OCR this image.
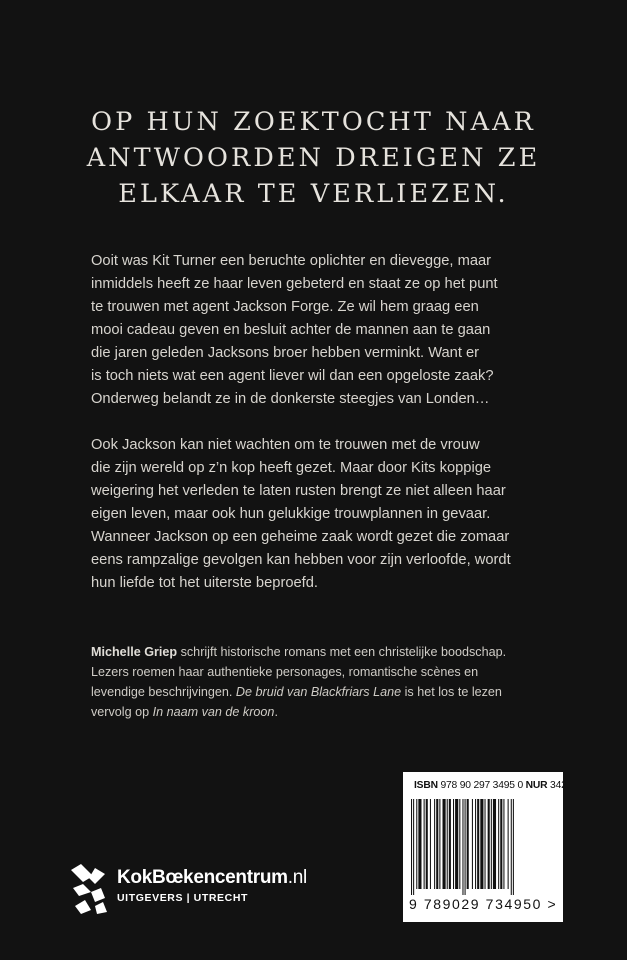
OP HUN ZOEKTOCHT NAAR
ANTWOORDEN DREIGEN ZE
ELKAAR TE VERLIEZEN.
Ooit was Kit Turner een beruchte oplichter en dievegge, maar
inmiddels heeft ze haar leven gebeterd en staat ze op het punt
te trouwen met agent Jackson Forge. Ze wil hem graag een
mooi cadeau geven en besluit achter de mannen aan te gaan
die jaren geleden Jacksons broer hebben verminkt. Want er
is toch niets wat een agent liever wil dan een opgeloste zaak?
Onderweg belandt ze in de donkerste steegjes van Londen…
Ook Jackson kan niet wachten om te trouwen met de vrouw
die zijn wereld op z’n kop heeft gezet. Maar door Kits koppige
weigering het verleden te laten rusten brengt ze niet alleen haar
eigen leven, maar ook hun gelukkige trouwplannen in gevaar.
Wanneer Jackson op een geheime zaak wordt gezet die zomaar
eens rampzalige gevolgen kan hebben voor zijn verloofde, wordt
hun liefde tot het uiterste beproefd.
Michelle Griep schrijft historische romans met een christelijke boodschap.
Lezers roemen haar authentieke personages, romantische scènes en
levendige beschrijvingen. De bruid van Blackfriars Lane is het los te lezen
vervolg op In naam van de kroon.
KokBœkencentrum.nl
UITGEVERS | UTRECHT
ISBN 978 90 297 3495 0 NUR 342
9 789029 734950 >
